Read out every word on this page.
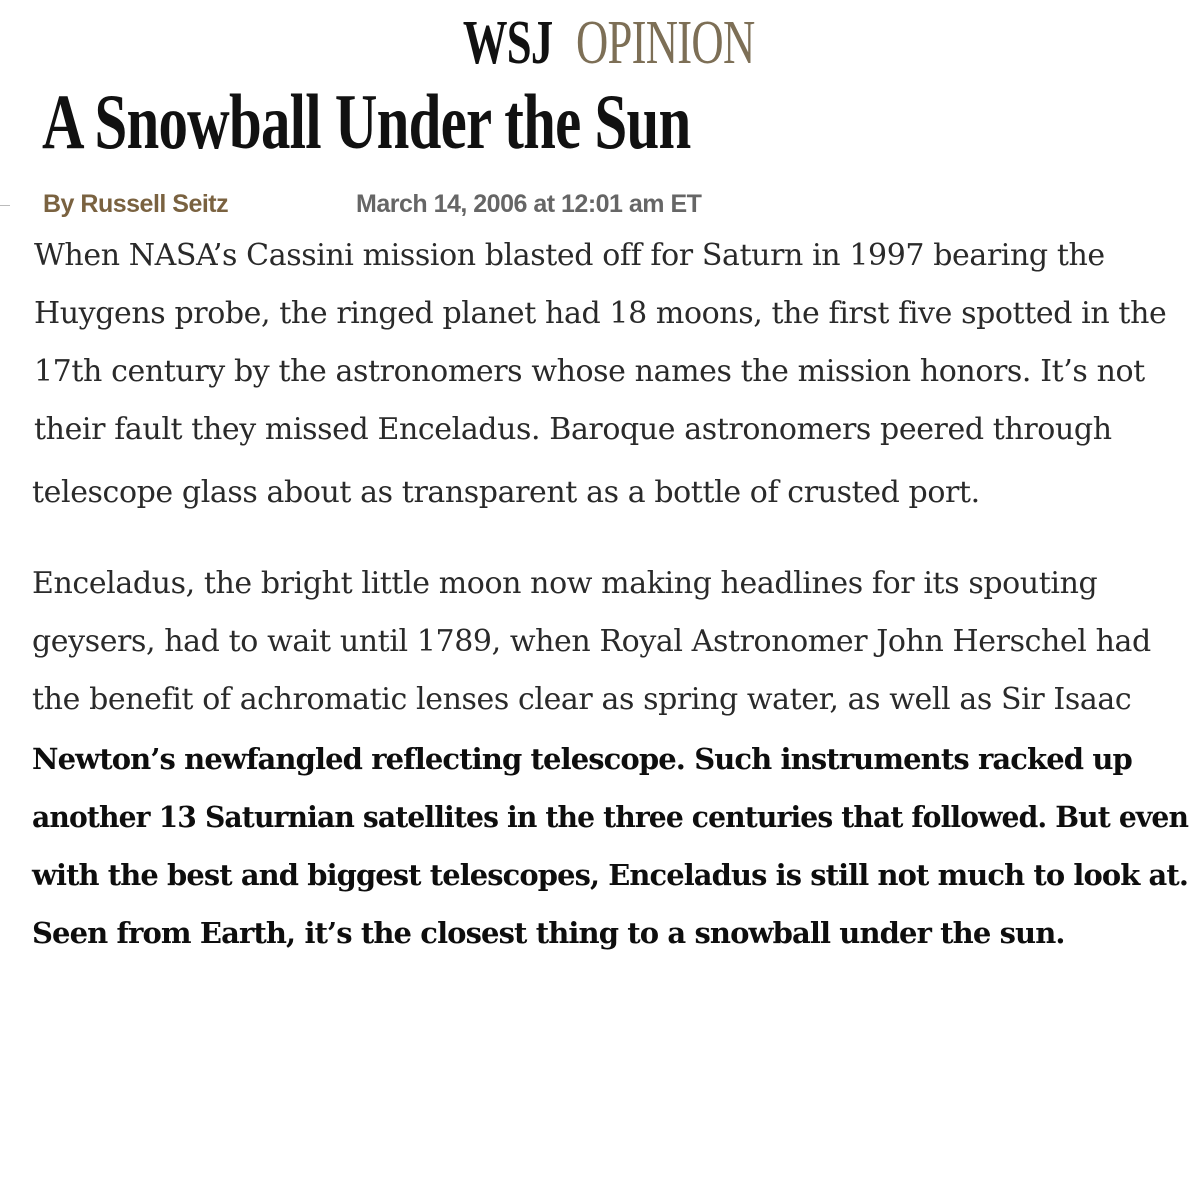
WSJ OPINION
A Snowball Under the Sun
By Russell Seitz	March 14, 2006 at 12:01 am ET
When NASA’s Cassini mission blasted off for Saturn in 1997 bearing the
Huygens probe, the ringed planet had 18 moons, the first five spotted in the
17th century by the astronomers whose names the mission honors. It’s not
their fault they missed Enceladus. Baroque astronomers peered through
telescope glass about as transparent as a bottle of crusted port.
Enceladus, the bright little moon now making headlines for its spouting
geysers, had to wait until 1789, when Royal Astronomer John Herschel had
the benefit of achromatic lenses clear as spring water, as well as Sir Isaac
Newton’s newfangled reflecting telescope. Such instruments racked up
another 13 Saturnian satellites in the three centuries that followed. But even
with the best and biggest telescopes, Enceladus is still not much to look at.
Seen from Earth, it’s the closest thing to a snowball under the sun.
